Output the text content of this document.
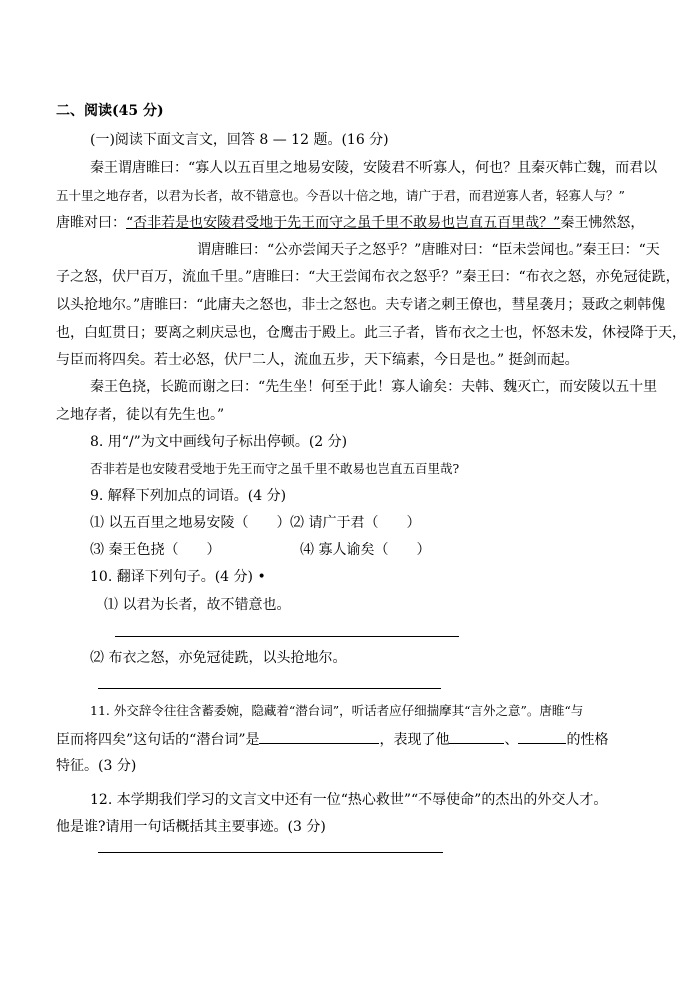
二、阅读(45 分)
(一)阅读下面文言文，回答 8 — 12 题。(16 分)
秦王谓唐睢曰：“寡人以五百里之地易安陵，安陵君不听寡人，何也？且秦灭韩亡魏，而君以
五十里之地存者，以君为长者，故不错意也。今吾以十倍之地，请广于君，而君逆寡人者，轻寡人与？”
唐睢对曰：“否非若是也安陵君受地于先王而守之虽千里不敢易也岂直五百里哉？”秦王怫然怒，
谓唐睢曰：“公亦尝闻天子之怒乎？”唐睢对曰：“臣未尝闻也。”秦王曰：“天
子之怒，伏尸百万，流血千里。”唐睢曰：“大王尝闻布衣之怒乎？”秦王曰：“布衣之怒，亦免冠徒跣，
以头抢地尔。”唐睢曰：“此庸夫之怒也，非士之怒也。夫专诸之刺王僚也，彗星袭月；聂政之刺韩傀
也，白虹贯日；要离之刺庆忌也，仓鹰击于殿上。此三子者，皆布衣之士也，怀怒未发，休祲降于天，
与臣而将四矣。若士必怒，伏尸二人，流血五步，天下缟素，今日是也。” 挺剑而起。
秦王色挠，长跪而谢之曰：“先生坐！何至于此！寡人谕矣：夫韩、魏灭亡，而安陵以五十里
之地存者，徒以有先生也。”
8. 用“/”为文中画线句子标出停顿。(2 分)
否非若是也安陵君受地于先王而守之虽千里不敢易也岂直五百里哉?
9. 解释下列加点的词语。(4 分)
⑴ 以五百里之地易安陵（　　） ⑵ 请广于君（　　）
⑶ 秦王色挠（　　）	⑷ 寡人谕矣（　　）
10. 翻译下列句子。(4 分) •
⑴ 以君为长者，故不错意也。
⑵ 布衣之怒，亦免冠徒跣，以头抢地尔。
11. 外交辞令往往含蓄委婉，隐藏着“潜台词”，听话者应仔细揣摩其“言外之意”。唐睢“与
臣而将四矣”这句话的“潜台词”是	，表现了他	、	的性格
特征。(3 分)
12. 本学期我们学习的文言文中还有一位“热心救世”“不辱使命”的杰出的外交人才。
他是谁?请用一句话概括其主要事迹。(3 分)
